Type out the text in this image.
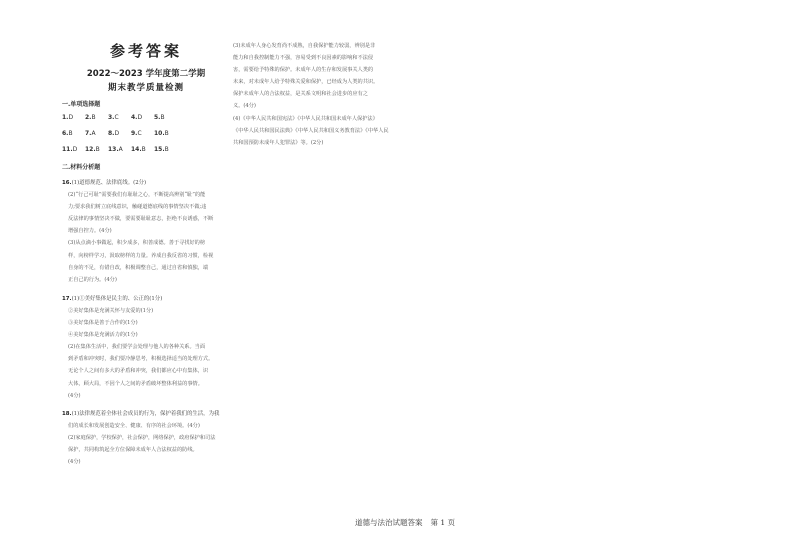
参考答案
2022～2023 学年度第二学期
期末教学质量检测
一.单项选择题
1.D	2.B	3.C	4.D	5.B
6.B	7.A	8.D	9.C	10.B
11.D	12.B	13.A	14.B	15.B
二.材料分析题
16.(1)道德规范、法律底线。(2分)
(2)“行己可耻”需要我们有耻耻之心，不断提高辨别“耻”的能
力;要求我们树立底线意识，触碰道德底线的事情坚决不做;违
反法律的事情坚决不做，要需要耻耻意志，拒绝不良诱惑，不断
增强自控力。(4分)
(3)从点滴小事做起，积少成多，积善成德。善于寻找好的榜
样，向榜样学习，汲取榜样的力量。养成自我反省的习惯，检视
自身的不足，有错自改，积极调整自己，通过自省和慎独，端
正自己的行为。(4分)
17.(1)①美好集体是民主的、公正的(1分)
②美好集体是充满关怀与友爱的(1分)
③美好集体是善于合作的(1分)
④美好集体是充满活力的(1分)
(2)在集体生活中，我们要学会处理与他人的各种关系。当面
到矛盾和冲突时，我们要冷静思考，积极选择适当的处理方式。
无论个人之间有多大的矛盾和冲突，我们都应心中有集体，识
大体，顾大局，不因个人之间的矛盾破坏整体利益的事情。
(4分)
18.(1)法律规范着全体社会成员的行为，保护着我们的生活，为我
们的成长和发展创造安全、健康、有序的社会环境。(4分)
(2)家庭保护，学校保护，社会保护，网络保护，政府保护和司法
保护，共同构筑起全方位保障未成年人合法权益的防线。
(4分)
(3)未成年人身心发育尚不成熟，自我保护能力较弱，辨别是非
能力和自我控制能力不强，容易受到不良因素的影响和不法侵
害，需要给予特殊的保护。未成年人的生存和发展事关人类的
未来，对未成年人给予特殊关爱和保护，已经成为人类的共识。
保护未成年人的合法权益，是关系文明和社会进步的应有之
义。(4分)
(4)《中华人民共和国宪法》《中华人民共和国未成年人保护法》
《中华人民共和国民法典》《中华人民共和国义务教育法》《中华人民
共和国预防未成年人犯罪法》等。(2分)
道德与法治试题答案 第 1 页
